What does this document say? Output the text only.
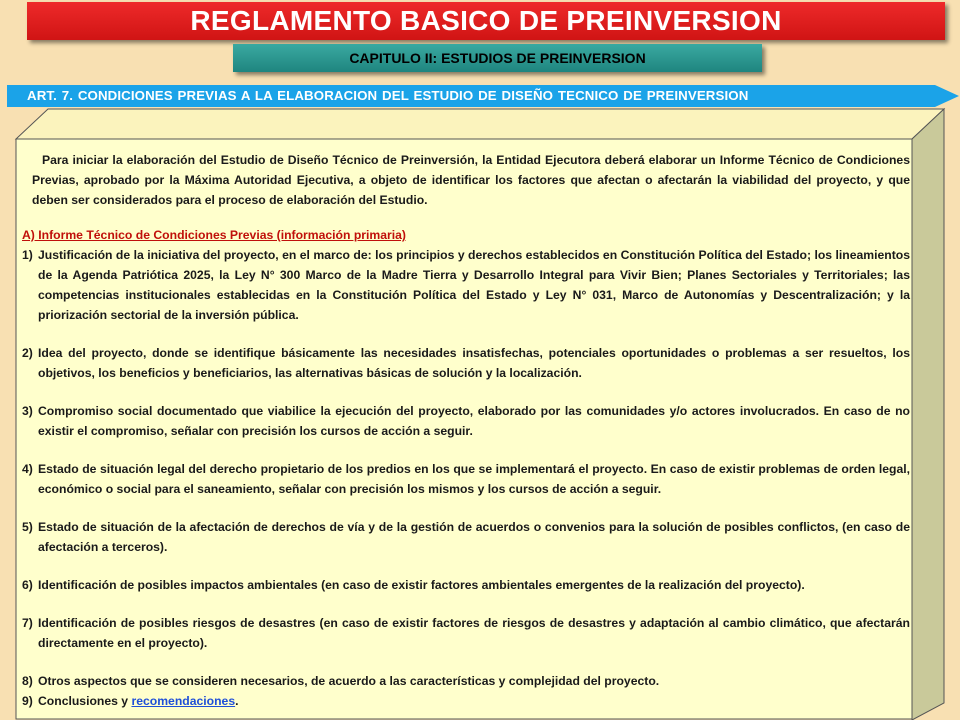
REGLAMENTO BASICO DE PREINVERSION
CAPITULO II: ESTUDIOS DE PREINVERSION
ART. 7. CONDICIONES PREVIAS A LA ELABORACION DEL ESTUDIO DE DISEÑO TECNICO DE PREINVERSION

Para iniciar la elaboración del Estudio de Diseño Técnico de Preinversión, la Entidad Ejecutora deberá elaborar un Informe Técnico de Condiciones Previas, aprobado por la Máxima Autoridad Ejecutiva, a objeto de identificar los factores que afectan o afectarán la viabilidad del proyecto, y que deben ser considerados para el proceso de elaboración del Estudio.

A) Informe Técnico de Condiciones Previas (información primaria)

1) Justificación de la iniciativa del proyecto, en el marco de: los principios y derechos establecidos en Constitución Política del Estado; los lineamientos de la Agenda Patriótica 2025, la Ley N° 300 Marco de la Madre Tierra y Desarrollo Integral para Vivir Bien; Planes Sectoriales y Territoriales; las competencias institucionales establecidas en la Constitución Política del Estado y Ley N° 031, Marco de Autonomías y Descentralización; y la priorización sectorial de la inversión pública.
2) Idea del proyecto, donde se identifique básicamente las necesidades insatisfechas, potenciales oportunidades o problemas a ser resueltos, los objetivos, los beneficios y beneficiarios, las alternativas básicas de solución y la localización.
3) Compromiso social documentado que viabilice la ejecución del proyecto, elaborado por las comunidades y/o actores involucrados. En caso de no existir el compromiso, señalar con precisión los cursos de acción a seguir.
4) Estado de situación legal del derecho propietario de los predios en los que se implementará el proyecto. En caso de existir problemas de orden legal, económico o social para el saneamiento, señalar con precisión los mismos y los cursos de acción a seguir.
5) Estado de situación de la afectación de derechos de vía y de la gestión de acuerdos o convenios para la solución de posibles conflictos, (en caso de afectación a terceros).
6) Identificación de posibles impactos ambientales (en caso de existir factores ambientales emergentes de la realización del proyecto).
7) Identificación de posibles riesgos de desastres (en caso de existir factores de riesgos de desastres y adaptación al cambio climático, que afectarán directamente en el proyecto).
8) Otros aspectos que se consideren necesarios, de acuerdo a las características y complejidad del proyecto.
9) Conclusiones y recomendaciones.
